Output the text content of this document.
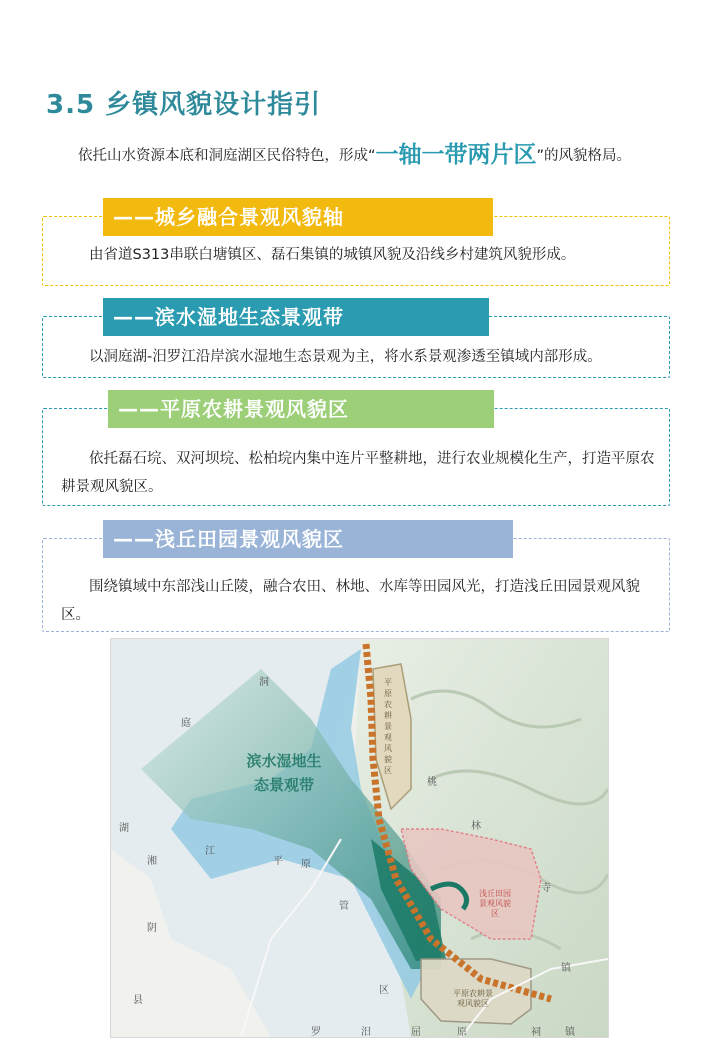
3.5 乡镇风貌设计指引

依托山水资源本底和洞庭湖区民俗特色，形成“一轴一带两片区”的风貌格局。

由省道S313串联白塘镇区、磊石集镇的城镇风貌及沿线乡村建筑风貌形成。

——城乡融合景观风貌轴

以洞庭湖-汨罗江沿岸滨水湿地生态景观为主，将水系景观渗透至镇域内部形成。

——滨水湿地生态景观带

依托磊石垸、双河坝垸、松柏垸内集中连片平整耕地，进行农业规模化生产，打造平原农耕景观风貌区。

——平原农耕景观风貌区

围绕镇域中东部浅山丘陵，融合农田、林地、水库等田园风光，打造浅丘田园景观风貌区。

——浅丘田园景观风貌区
滨水湿地生
态景观带
平原农耕景观风貌区
浅丘田园景观风貌区
平原农耕景观风貌区
洞
庭
湖
湘
江
平 原
管
阴
县
区
桃
林
寺
镇
屈	原
汨
罗	镇
祠
